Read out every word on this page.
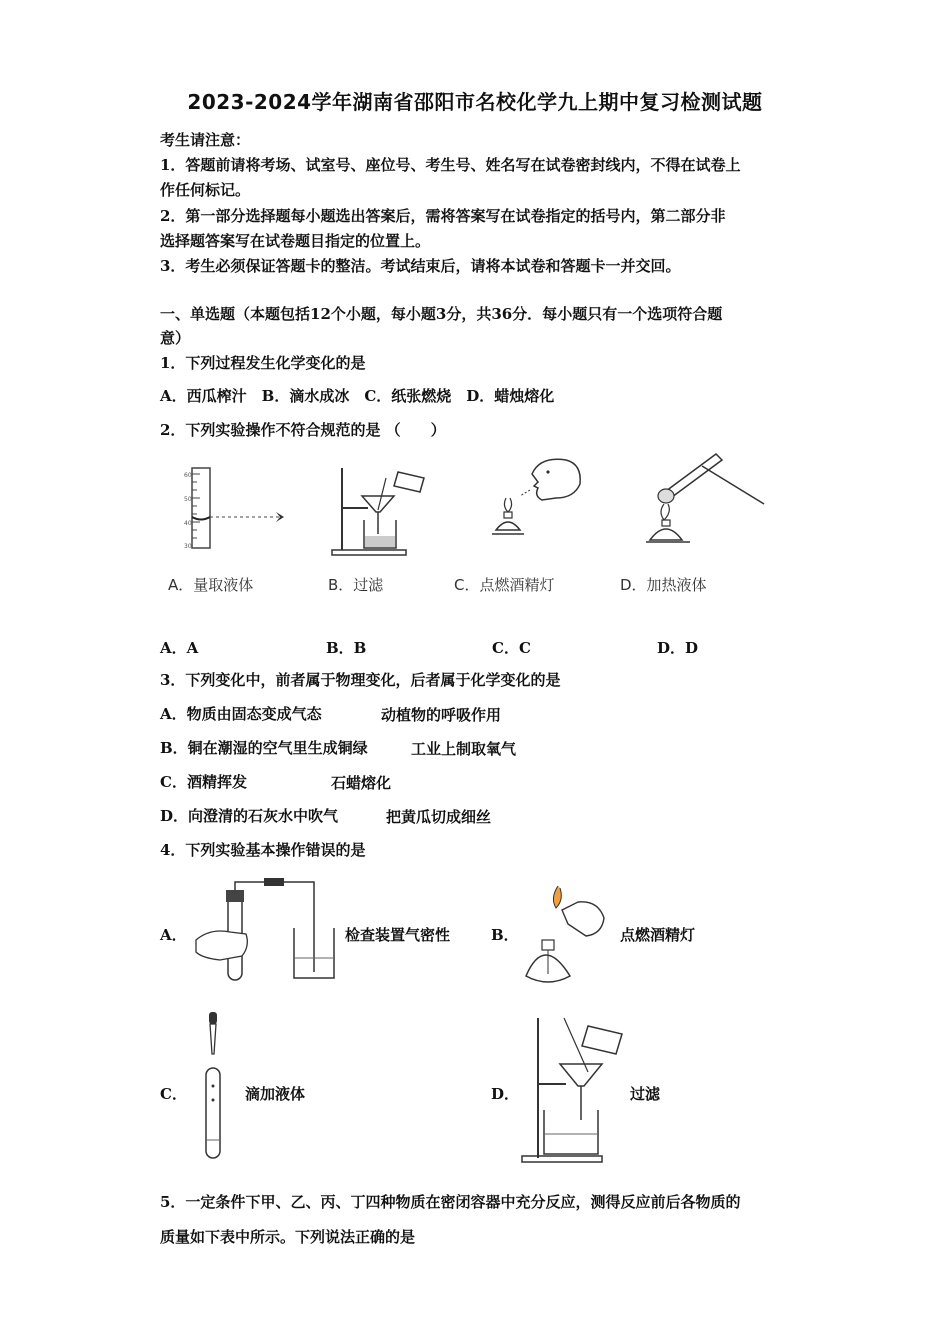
2023-2024学年湖南省邵阳市名校化学九上期中复习检测试题
考生请注意：
1．答题前请将考场、试室号、座位号、考生号、姓名写在试卷密封线内，不得在试卷上
作任何标记。
2．第一部分选择题每小题选出答案后，需将答案写在试卷指定的括号内，第二部分非
选择题答案写在试卷题目指定的位置上。
3．考生必须保证答题卡的整洁。考试结束后，请将本试卷和答题卡一并交回。
一、单选题（本题包括12个小题，每小题3分，共36分．每小题只有一个选项符合题
意）
1．下列过程发生化学变化的是
A．西瓜榨汁　B．滴水成冰　C．纸张燃烧　D．蜡烛熔化
2．下列实验操作不符合规范的是 （　　）
60
50
40
30
A．量取液体	B．过滤	C．点燃酒精灯	D．加热液体
A．A	B．B	C．C	D．D
3．下列变化中，前者属于物理变化，后者属于化学变化的是
A．物质由固态变成气态	动植物的呼吸作用
B．铜在潮湿的空气里生成铜绿	工业上制取氧气
C．酒精挥发	石蜡熔化
D．向澄清的石灰水中吹气	把黄瓜切成细丝
4．下列实验基本操作错误的是
A．	检查装置气密性	B．	点燃酒精灯
C．	滴加液体	D．	过滤
5．一定条件下甲、乙、丙、丁四种物质在密闭容器中充分反应，测得反应前后各物质的
质量如下表中所示。下列说法正确的是
